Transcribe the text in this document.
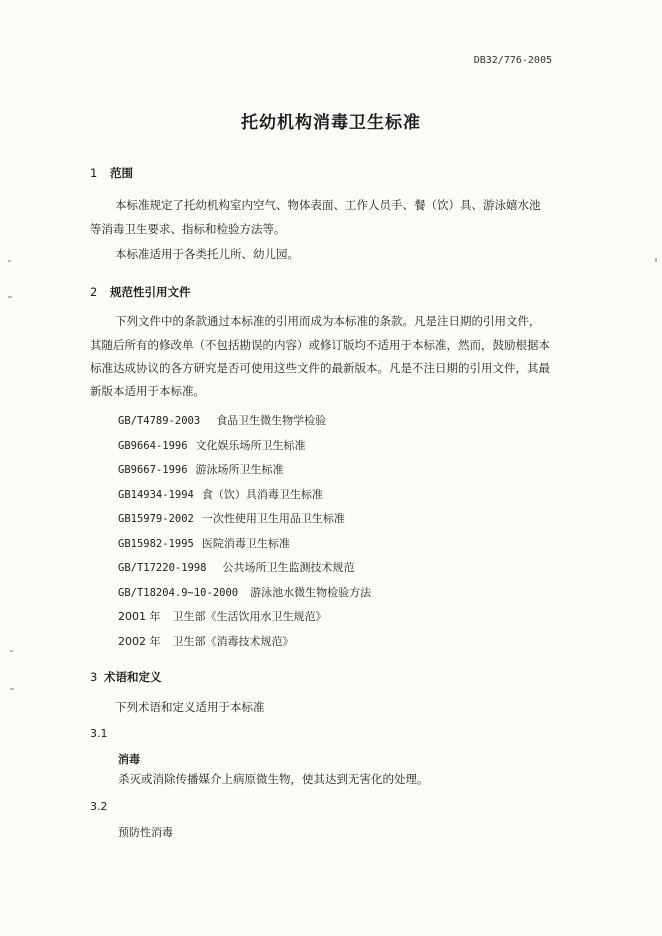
DB32/776-2005
托幼机构消毒卫生标准
1 范围

本标准规定了托幼机构室内空气、物体表面、工作人员手、餐（饮）具、游泳嬉水池

等消毒卫生要求、指标和检验方法等。

本标准适用于各类托儿所、幼儿园。

2 规范性引用文件

下列文件中的条款通过本标准的引用而成为本标准的条款。凡是注日期的引用文件，

其随后所有的修改单（不包括勘误的内容）或修订版均不适用于本标准，然而，鼓励根据本

标准达成协议的各方研究是否可使用这些文件的最新版本。凡是不注日期的引用文件，其最

新版本适用于本标准。

GB/T4789-2003 食品卫生微生物学检验
GB9664-1996 文化娱乐场所卫生标准
GB9667-1996 游泳场所卫生标准
GB14934-1994 食（饮）具消毒卫生标准
GB15979-2002 一次性使用卫生用品卫生标准
GB15982-1995 医院消毒卫生标准
GB/T17220-1998 公共场所卫生监测技术规范
GB/T18204.9~10-2000 游泳池水微生物检验方法
2001 年 卫生部《生活饮用水卫生规范》
2002 年 卫生部《消毒技术规范》
3 术语和定义

下列术语和定义适用于本标准

3.1
消毒

杀灭或消除传播媒介上病原微生物，使其达到无害化的处理。

3.2
预防性消毒
